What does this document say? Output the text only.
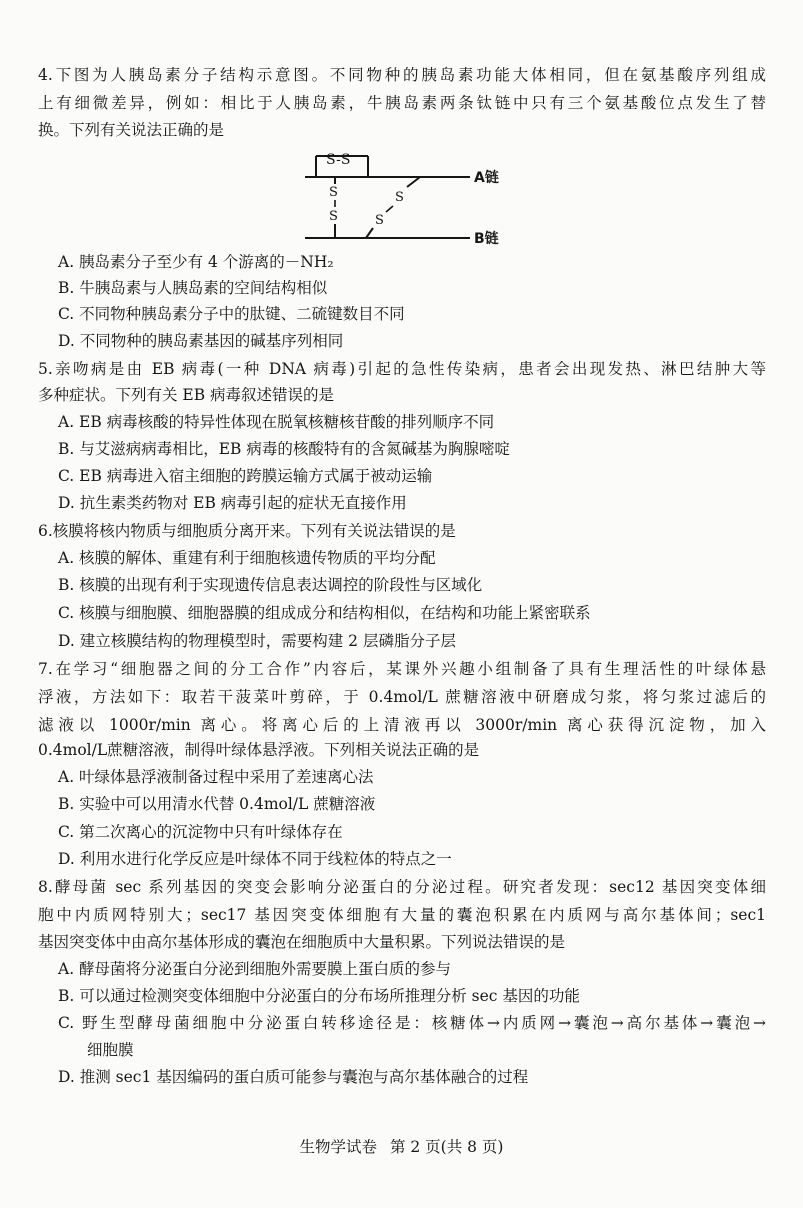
4.下图为人胰岛素分子结构示意图。不同物种的胰岛素功能大体相同，但在氨基酸序列组成
上有细微差异，例如：相比于人胰岛素，牛胰岛素两条钛链中只有三个氨基酸位点发生了替
换。下列有关说法正确的是
S-S
A链
S
S
S
S
B链
A. 胰岛素分子至少有 4 个游离的－NH₂
B. 牛胰岛素与人胰岛素的空间结构相似
C. 不同物种胰岛素分子中的肽键、二硫键数目不同
D. 不同物种的胰岛素基因的碱基序列相同
5.亲吻病是由 EB 病毒(一种 DNA 病毒)引起的急性传染病，患者会出现发热、淋巴结肿大等
多种症状。下列有关 EB 病毒叙述错误的是
A. EB 病毒核酸的特异性体现在脱氧核糖核苷酸的排列顺序不同
B. 与艾滋病病毒相比，EB 病毒的核酸特有的含氮碱基为胸腺嘧啶
C. EB 病毒进入宿主细胞的跨膜运输方式属于被动运输
D. 抗生素类药物对 EB 病毒引起的症状无直接作用
6.核膜将核内物质与细胞质分离开来。下列有关说法错误的是
A. 核膜的解体、重建有利于细胞核遗传物质的平均分配
B. 核膜的出现有利于实现遗传信息表达调控的阶段性与区域化
C. 核膜与细胞膜、细胞器膜的组成成分和结构相似，在结构和功能上紧密联系
D. 建立核膜结构的物理模型时，需要构建 2 层磷脂分子层
7.在学习“细胞器之间的分工合作”内容后，某课外兴趣小组制备了具有生理活性的叶绿体悬
浮液，方法如下：取若干菠菜叶剪碎，于 0.4mol/L 蔗糖溶液中研磨成匀浆，将匀浆过滤后的
滤液以 1000r/min 离心。将离心后的上清液再以 3000r/min 离心获得沉淀物，加入
0.4mol/L蔗糖溶液，制得叶绿体悬浮液。下列相关说法正确的是
A. 叶绿体悬浮液制备过程中采用了差速离心法
B. 实验中可以用清水代替 0.4mol/L 蔗糖溶液
C. 第二次离心的沉淀物中只有叶绿体存在
D. 利用水进行化学反应是叶绿体不同于线粒体的特点之一
8.酵母菌 sec 系列基因的突变会影响分泌蛋白的分泌过程。研究者发现：sec12 基因突变体细
胞中内质网特别大；sec17 基因突变体细胞有大量的囊泡积累在内质网与高尔基体间；sec1
基因突变体中由高尔基体形成的囊泡在细胞质中大量积累。下列说法错误的是
A. 酵母菌将分泌蛋白分泌到细胞外需要膜上蛋白质的参与
B. 可以通过检测突变体细胞中分泌蛋白的分布场所推理分析 sec 基因的功能
C. 野生型酵母菌细胞中分泌蛋白转移途径是：核糖体→内质网→囊泡→高尔基体→囊泡→
细胞膜
D. 推测 sec1 基因编码的蛋白质可能参与囊泡与高尔基体融合的过程
生物学试卷 第 2 页(共 8 页)
